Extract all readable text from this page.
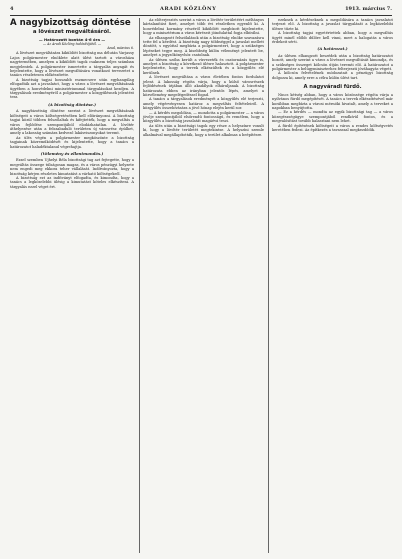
4	ARADI KÖZLÖNY	1913. március 7.
A nagybizottság döntése
a lövészet megváltásáról.
— Határozott bontán 4-6 óra —
— Az Aradi Közlöny tudósítójától. —
Arad, március 6.

A lövészet megváltására kiküldött bizottság ma délután Varjassy Lajos polgármester elnöklete alatt ülést tartott a városháza nagytermében, amelyen a kiküldött tagok csaknem teljes számban megjelentek. A polgármester ismertette a tárgyalás anyagát és bejelentette, hogy a lövészet megváltására vonatkozó tervezetet a tanács részletesen előkészítette.

A bizottság tagjai hosszabb eszmecsere után egyhangúlag elfogadták azt a javaslatot, hogy a város a lövészet megváltásának ügyében a honvédelmi minisztériummal tárgyalásokat kezdjen. A tárgyalások eredményéről a polgármester a közgyűlésnek jelentést tesz.

(A bizottság döntése.)

A nagybizottság döntése szerint a lövészet megváltásának költségeit a város költségvetésében kell előirányozni. A bizottság tagjai közül többen felszólaltak és kifejtették, hogy a megváltás a város fejlődése szempontjából elodázhatatlan. A lövőtér áthelyezése után a felszabaduló területen új városrész épülhet, amely a lakosság számára kedvező lakásviszonyokat teremt.

Az ülés végén a polgármester megköszönte a bizottság tagjainak közreműködését és kijelentette, hogy a tanács a határozatot haladéktalanul végrehajtja.

(Vélemény és ellentmondás.)

Ezzel szemben Ujhelyi Béla bizottsági tag azt fejtegette, hogy a megváltás összege túlságosan magas, és a város pénzügyi helyzete nem engedi meg ekkora teher vállalását. Indítványozta, hogy a bizottság kérjen részletes kimutatást a várható költségekről.

A bizottság ezt az indítványt elfogadta, és kimondta, hogy a tanács a legközelebbi ülésig a kimutatást köteles elkészíteni. A tárgyalás ezzel véget ért.

Az előterjesztés szerint a város a lövőtér területéért méltányos kártalanítást fizet, amelyet több évi részletben egyenlít ki. A honvédelmi kormány részéről kiküldött megbízott kijelentette, hogy a minisztérium a város kéréseit jóindulattal fogja elbírálni.

Az elhangzott felszólalások után a bizottság elnöke szavazásra tette fel a kérdést. A bizottság nagy többséggel a javaslat mellett döntött, s egyúttal megbízta a polgármestert, hogy a szükséges lépéseket tegye meg. A kisebbség külön véleményt jelentett be, amelyet a jegyzőkönyvhöz csatolnak.

Az ülésen szóba került a vízvezeték és csatornázás ügye is, amelyet a bizottság a következő ülésre halasztott. A polgármester bejelentette, hogy a tervek elkészültek és a közgyűlés elé kerülnek.

A lövészet megváltása a város életében fontos fordulatot jelent. A lakosság régóta várja, hogy a külső városrészek fejlődésének útjában álló akadályok elháruljanak. A bizottság határozata ebben az irányban jelentős lépés, amelyet a közvélemény megelégedéssel fogad.

A tanács a tárgyalások eredményét a közgyűlés elé terjeszti, amely végérvényesen határoz a megváltás feltételeiről. A közgyűlés összehívására a jövő hónap elején kerül sor.

— A kérdés megoldása, — mondotta a polgármester — a város jövője szempontjából elsőrendű fontosságú, és remélem, hogy a közgyűlés a bizottság javaslatát magáévá teszi.

Az ülés után a bizottsági tagok egy része a helyszínre vonult ki, hogy a lövőtér területét megtekintse. A helyszíni szemle alkalmával megállapították, hogy a terület alkalmas a beépítésre.

ezeknek a kérdéseknek a megoldására a tanács javaslatot terjeszt elő. A bizottság a javaslat tárgyalását a legközelebbi ülésre tűzte ki.

A bizottság tagjai egyetértettek abban, hogy a megváltás ügyét minél előbb dűlőre kell vinni, mert a halogatás a város érdekeit sérti.

(A határozat.)

Az ülésen elhangzott beszédek után a bizottság határozatot hozott, amely szerint a város a lövészet megváltását kimondja, és a szükséges összeget kölcsön útján teremti elő. A határozatot a polgármester a belügyminiszterhez felterjeszti jóváhagyás végett.

A kölcsön felvételének módozatait a pénzügyi bizottság dolgozza ki, amely erre a célra külön ülést tart.

A nagyváradi fürdő.

Nincs kétség abban, hogy a város közönsége régóta várja a nyilvános fürdő megépítését. A tanács a tervek elkészítésével már korábban megbízta a városi mérnöki hivatalt, amely a terveket a napokban benyújtotta.

— Ez a kérdés — mondta az egyik bizottsági tag — a város közegészségügye szempontjából rendkívül fontos, és a megvalósítást tovább halasztani nem lehet.

A fürdő építésének költségeit a város a rendes költségvetés keretében fedezi. Az építkezés a tavasszal megkezdődik.
